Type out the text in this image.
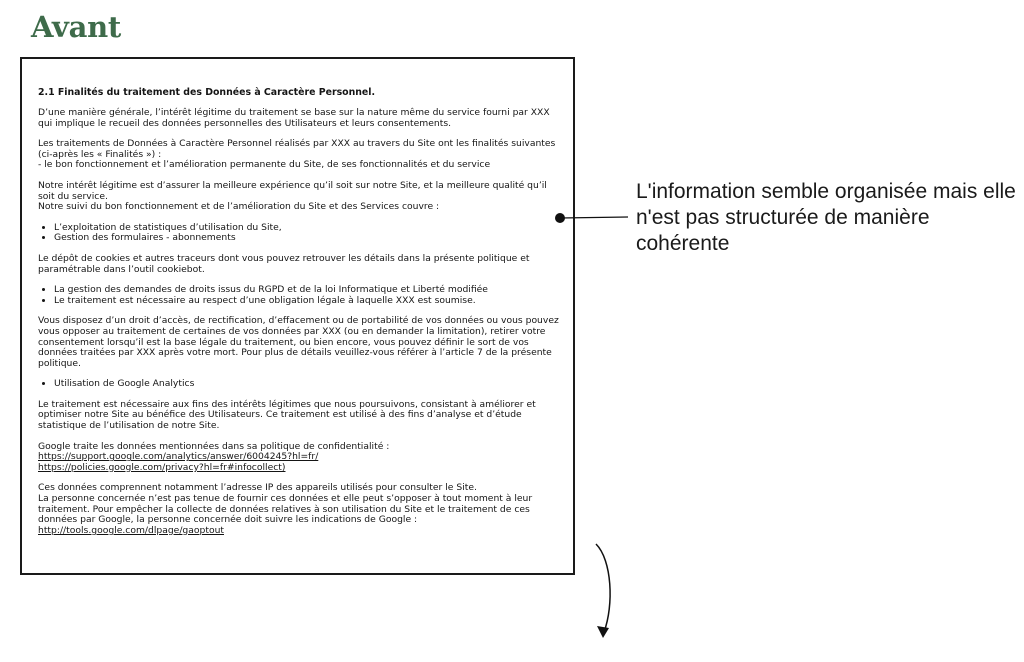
Avant
2.1 Finalités du traitement des Données à Caractère Personnel.

D’une manière générale, l’intérêt légitime du traitement se base sur la nature même du service fourni par XXX qui implique le recueil des données personnelles des Utilisateurs et leurs consentements.

Les traitements de Données à Caractère Personnel réalisés par XXX au travers du Site ont les finalités suivantes (ci-après les « Finalités ») :
- le bon fonctionnement et l’amélioration permanente du Site, de ses fonctionnalités et du service

Notre intérêt légitime est d’assurer la meilleure expérience qu’il soit sur notre Site, et la meilleure qualité qu’il soit du service.
Notre suivi du bon fonctionnement et de l’amélioration du Site et des Services couvre :

• L’exploitation de statistiques d’utilisation du Site,
• Gestion des formulaires - abonnements

Le dépôt de cookies et autres traceurs dont vous pouvez retrouver les détails dans la présente politique et paramétrable dans l’outil cookiebot.

• La gestion des demandes de droits issus du RGPD et de la loi Informatique et Liberté modifiée
• Le traitement est nécessaire au respect d’une obligation légale à laquelle XXX est soumise.

Vous disposez d’un droit d’accès, de rectification, d’effacement ou de portabilité de vos données ou vous pouvez vous opposer au traitement de certaines de vos données par XXX (ou en demander la limitation), retirer votre consentement lorsqu’il est la base légale du traitement, ou bien encore, vous pouvez définir le sort de vos données traitées par XXX après votre mort. Pour plus de détails veuillez-vous référer à l’article 7 de la présente politique.

• Utilisation de Google Analytics

Le traitement est nécessaire aux fins des intérêts légitimes que nous poursuivons, consistant à améliorer et optimiser notre Site au bénéfice des Utilisateurs. Ce traitement est utilisé à des fins d’analyse et d’étude statistique de l’utilisation de notre Site.

Google traite les données mentionnées dans sa politique de confidentialité :
https://support.google.com/analytics/answer/6004245?hl=fr/
https://policies.google.com/privacy?hl=fr#infocollect)

Ces données comprennent notamment l’adresse IP des appareils utilisés pour consulter le Site.
La personne concernée n’est pas tenue de fournir ces données et elle peut s’opposer à tout moment à leur traitement. Pour empêcher la collecte de données relatives à son utilisation du Site et le traitement de ces données par Google, la personne concernée doit suivre les indications de Google :
http://tools.google.com/dlpage/gaoptout

L'information semble organisée mais elle n'est pas structurée de manière cohérente
